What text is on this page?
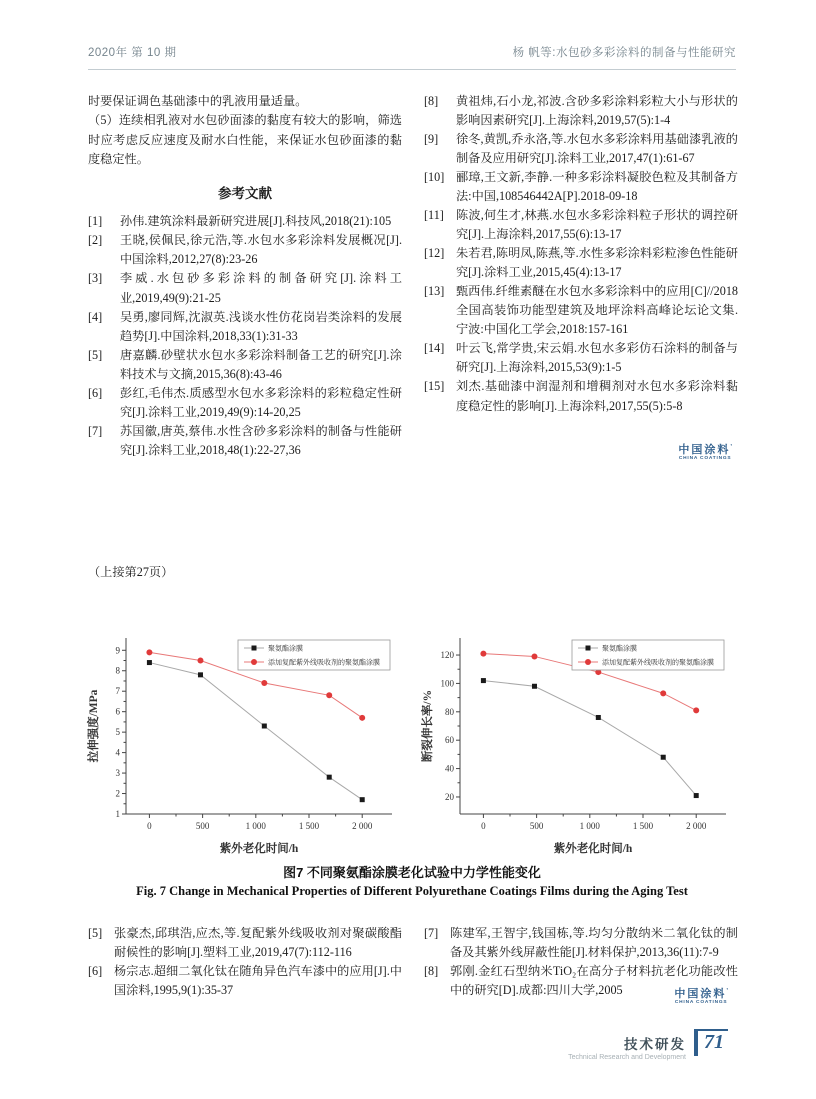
2020年 第 10 期	杨 帆等:水包砂多彩涂料的制备与性能研究
时要保证调色基础漆中的乳液用量适量。
（5）连续相乳液对水包砂面漆的黏度有较大的影响，筛选时应考虑反应速度及耐水白性能，来保证水包砂面漆的黏度稳定性。
参考文献
[1]	孙伟.建筑涂料最新研究进展[J].科技风,2018(21):105
[2]	王晓,侯佩民,徐元浩,等.水包水多彩涂料发展概况[J].中国涂料,2012,27(8):23-26
[3]	李威.水包砂多彩涂料的制备研究[J].涂料工业,2019,49(9):21-25
[4]	吴勇,廖同辉,沈淑英.浅谈水性仿花岗岩类涂料的发展趋势[J].中国涂料,2018,33(1):31-33
[5]	唐嘉麟.砂壁状水包水多彩涂料制备工艺的研究[J].涂料技术与文摘,2015,36(8):43-46
[6]	彭红,毛伟杰.质感型水包水多彩涂料的彩粒稳定性研究[J].涂料工业,2019,49(9):14-20,25
[7]	苏国徽,唐英,蔡伟.水性含砂多彩涂料的制备与性能研究[J].涂料工业,2018,48(1):22-27,36
[8]	黄祖炜,石小龙,祁波.含砂多彩涂料彩粒大小与形状的影响因素研究[J].上海涂料,2019,57(5):1-4
[9]	徐冬,黄凯,乔永洛,等.水包水多彩涂料用基础漆乳液的制备及应用研究[J].涂料工业,2017,47(1):61-67
[10] 郦璋,王文新,李静.一种多彩涂料凝胶色粒及其制备方法:中国,108546442A[P].2018-09-18
[11] 陈波,何生才,林燕.水包水多彩涂料粒子形状的调控研究[J].上海涂料,2017,55(6):13-17
[12] 朱若君,陈明凤,陈燕,等.水性多彩涂料彩粒渗色性能研究[J].涂料工业,2015,45(4):13-17
[13] 甄西伟.纤维素醚在水包水多彩涂料中的应用[C]//2018全国高装饰功能型建筑及地坪涂料高峰论坛论文集.宁波:中国化工学会,2018:157-161
[14] 叶云飞,常学贵,宋云娟.水包水多彩仿石涂料的制备与研究[J].上海涂料,2015,53(9):1-5
[15] 刘杰.基础漆中润湿剂和增稠剂对水包水多彩涂料黏度稳定性的影响[J].上海涂料,2017,55(5):5-8
中国涂料’
CHINA COATINGS
（上接第27页）
1
2
3
4
5
6
7
8
9
0	500	1 000	1 500	2 000
紫外老化时间/h
拉伸强度/MPa
聚氨酯涂膜
添加复配紫外线吸收剂的聚氨酯涂膜
20
40
60
80
100
120
0	500	1 000	1 500	2 000
紫外老化时间/h
断裂伸长率/%
聚氨酯涂膜
添加复配紫外线吸收剂的聚氨酯涂膜
图7 不同聚氨酯涂膜老化试验中力学性能变化
Fig. 7 Change in Mechanical Properties of Different Polyurethane Coatings Films during the Aging Test
[5] 张豪杰,邱琪浩,应杰,等.复配紫外线吸收剂对聚碳酸酯耐候性的影响[J].塑料工业,2019,47(7):112-116
[6] 杨宗志.超细二氧化钛在随角异色汽车漆中的应用[J].中国涂料,1995,9(1):35-37
[7] 陈建军,王智宇,钱国栋,等.均匀分散纳米二氧化钛的制备及其紫外线屏蔽性能[J].材料保护,2013,36(11):7-9
[8] 郭刚.金红石型纳米TiO₂在高分子材料抗老化功能改性中的研究[D].成都:四川大学,2005	中国涂料’
CHINA COATINGS
技术研发
Technical Research and Development
71
